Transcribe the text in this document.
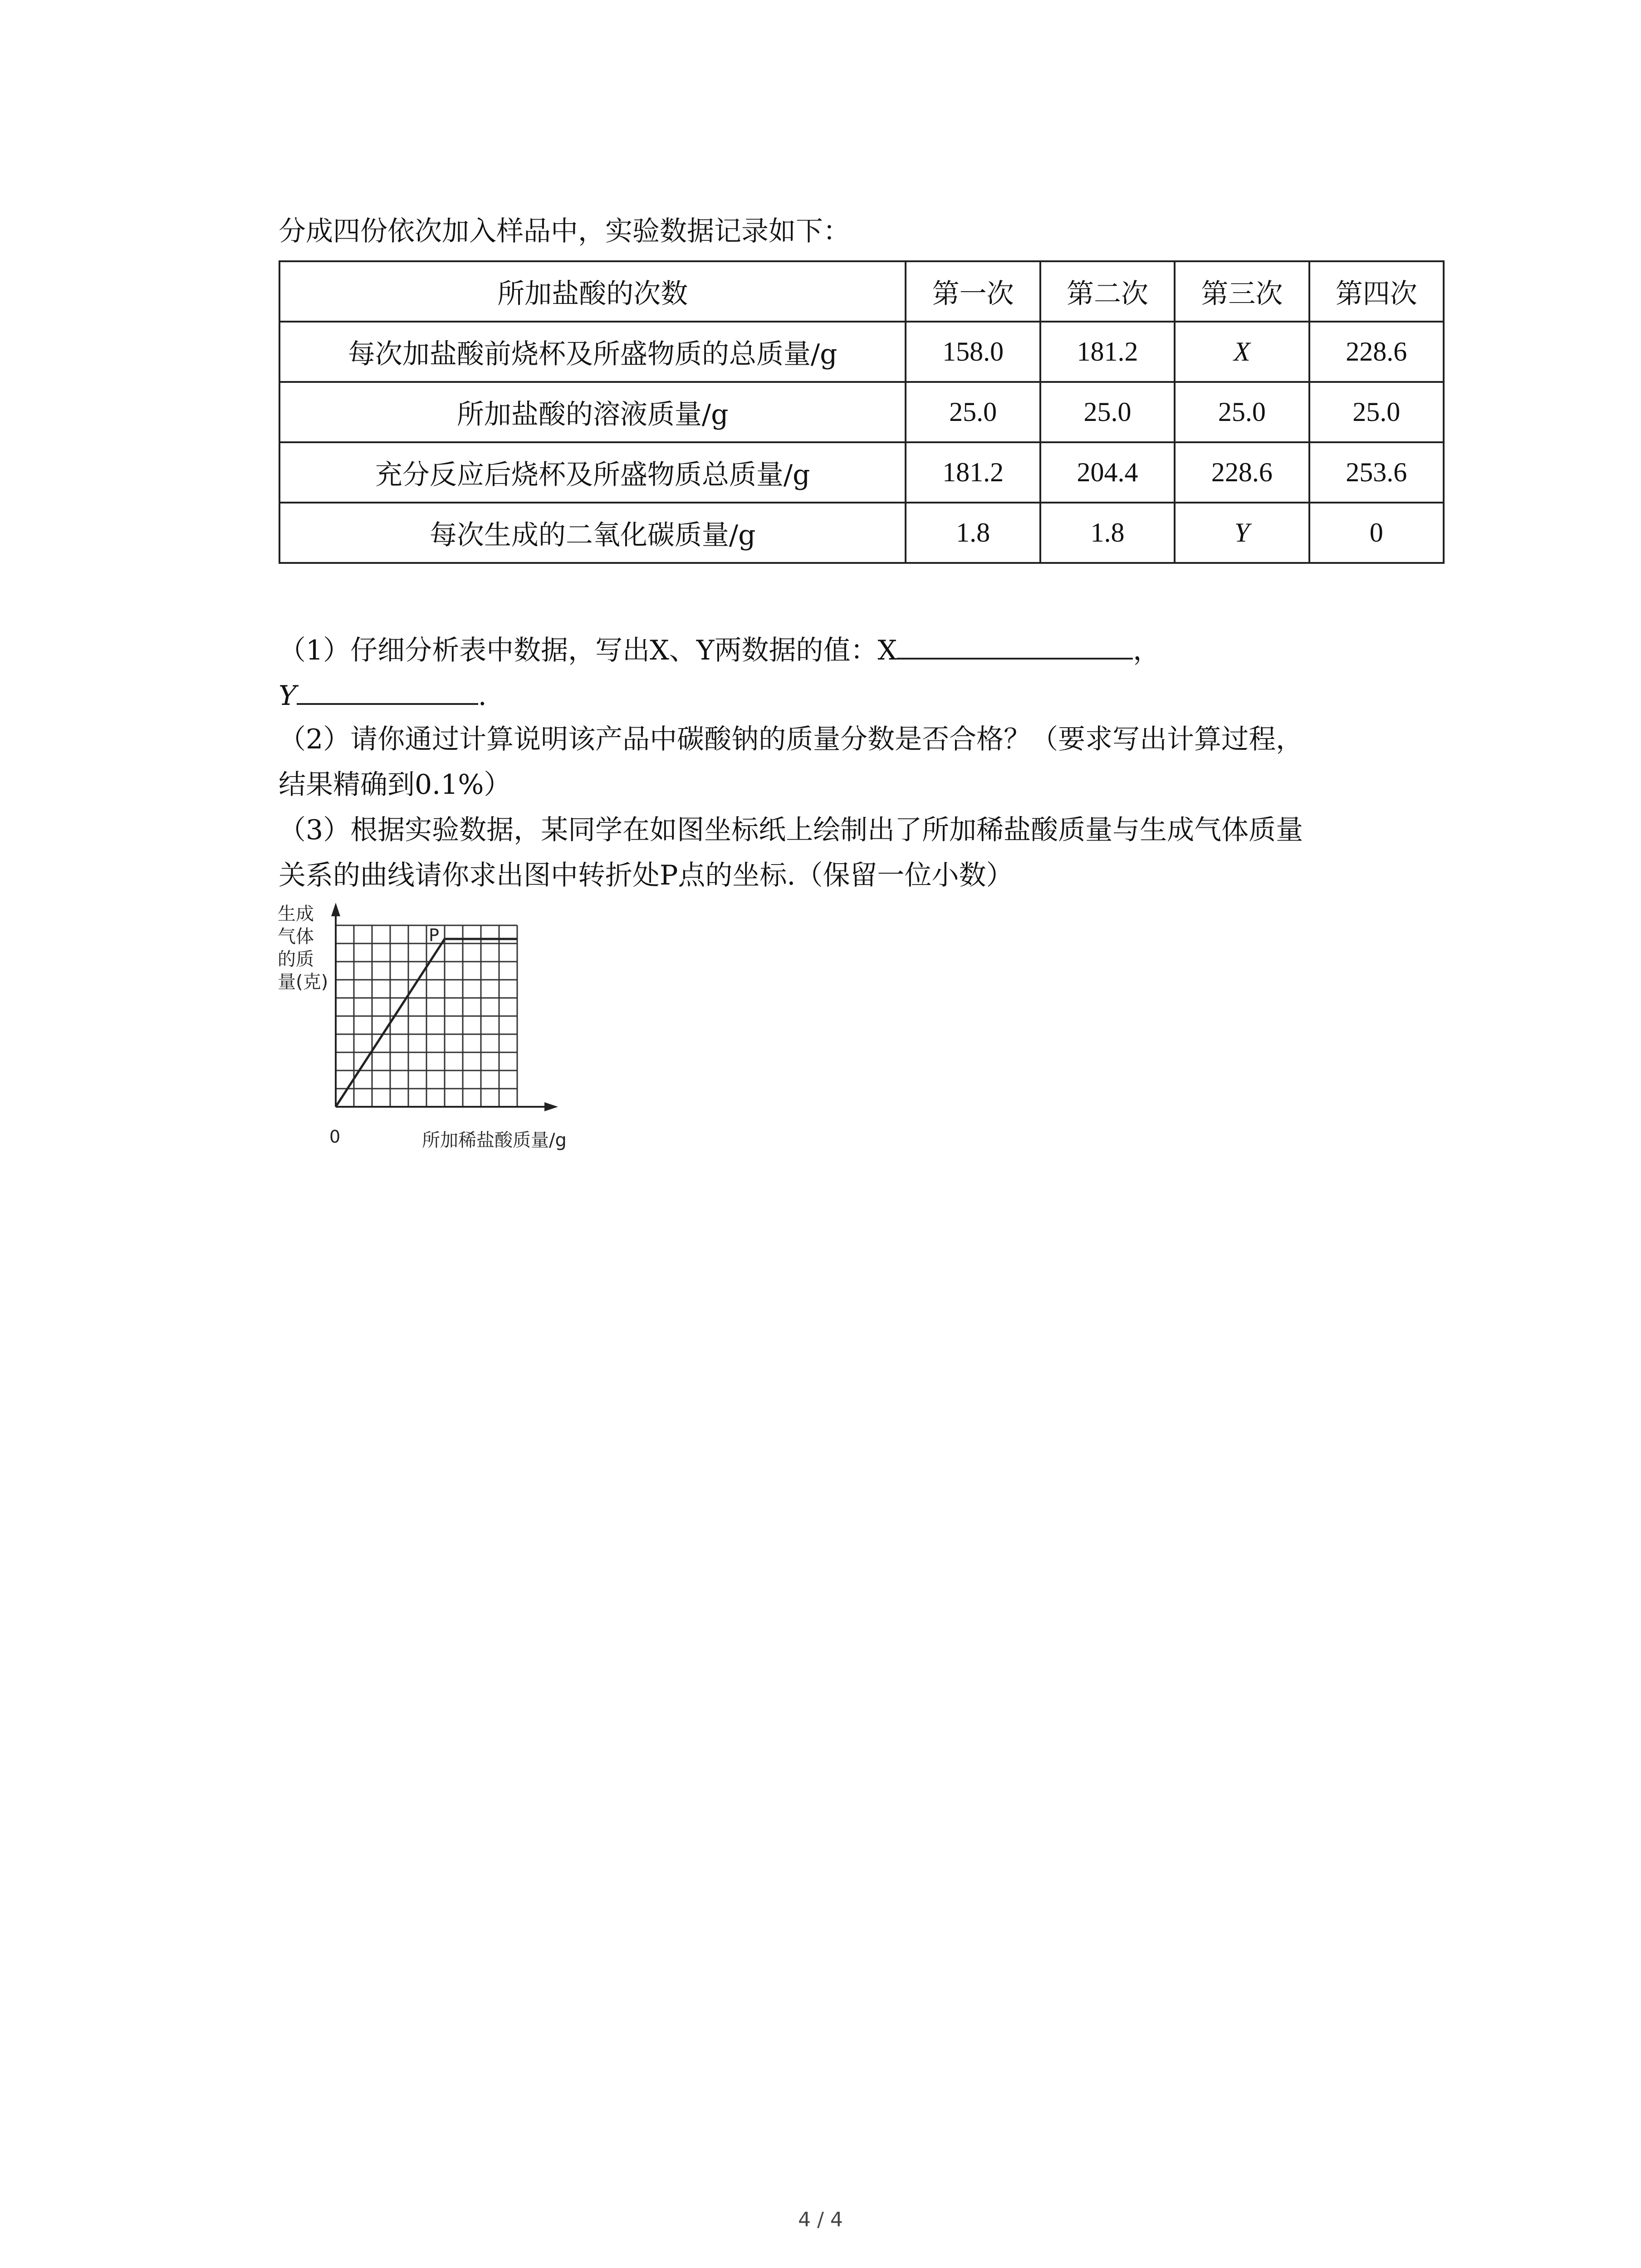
分成四份依次加入样品中，实验数据记录如下：
所加盐酸的次数	第一次	第二次	第三次	第四次
每次加盐酸前烧杯及所盛物质的总质量/g	158.0	181.2	X	228.6
所加盐酸的溶液质量/g	25.0	25.0	25.0	25.0
充分反应后烧杯及所盛物质总质量/g	181.2	204.4	228.6	253.6
每次生成的二氧化碳质量/g	1.8	1.8	Y	0
（1）仔细分析表中数据，写出X、Y两数据的值：X	，
Y	.
（2）请你通过计算说明该产品中碳酸钠的质量分数是否合格？（要求写出计算过程，
结果精确到0.1%）
（3）根据实验数据，某同学在如图坐标纸上绘制出了所加稀盐酸质量与生成气体质量
关系的曲线请你求出图中转折处P点的坐标.（保留一位小数）
P
生成
气体
的质
量(克)
0	所加稀盐酸质量/g
4 / 4
